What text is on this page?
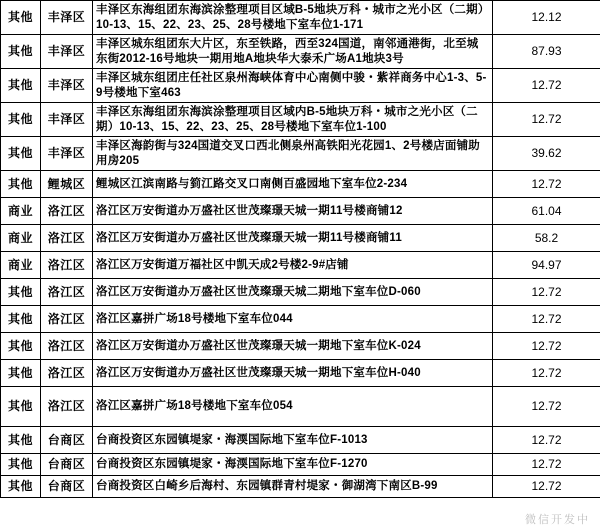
其他	丰泽区	丰泽区东海组团东海滨涂整理项目区域B-5地块万科・城市之光小区（二期）10-13、15、22、23、25、28号楼地下室车位1-171	12.12
其他	丰泽区	丰泽区城东组团东大片区，东至铁路，西至324国道，南邻通港街，北至城东街2012-16号地块一期用地A地块华大泰禾广场A1地块3号	87.93
其他	丰泽区	丰泽区城东组团庄任社区泉州海峡体育中心南侧中骏・紫祥商务中心1-3、5-9号楼地下室463	12.72
其他	丰泽区	丰泽区东海组团东海滨涂整理项目区域内B-5地块万科・城市之光小区（二期）10-13、15、22、23、25、28号楼地下室车位1-100	12.72
其他	丰泽区	丰泽区海韵街与324国道交叉口西北侧泉州高铁阳光花园1、2号楼店面铺助用房205	39.62
其他	鲤城区	鲤城区江滨南路与箌江路交叉口南侧百盛园地下室车位2-234	12.72
商业	洛江区	洛江区万安街道办万盛社区世茂璨璟天城一期11号楼商铺12	61.04
商业	洛江区	洛江区万安街道办万盛社区世茂璨璟天城一期11号楼商铺11	58.2
商业	洛江区	洛江区万安街道万福社区中凯天成2号楼2-9#店铺	94.97
其他	洛江区	洛江区万安街道办万盛社区世茂璨璟天城二期地下室车位D-060	12.72
其他	洛江区	洛江区嘉拼广场18号楼地下室车位044	12.72
其他	洛江区	洛江区万安街道办万盛社区世茂璨璟天城一期地下室车位K-024	12.72
其他	洛江区	洛江区万安街道办万盛社区世茂璨璟天城一期地下室车位H-040	12.72
其他	洛江区	洛江区嘉拼广场18号楼地下室车位054	12.72
其他	台商区	台商投资区东园镇堤家・海渜国际地下室车位F-1013	12.72
其他	台商区	台商投资区东园镇堤家・海渜国际地下室车位F-1270	12.72
其他	台商区	台商投资区白崎乡后海村、东园镇群青村堤家・御湖湾下南区B-99	12.72
微信开发中
